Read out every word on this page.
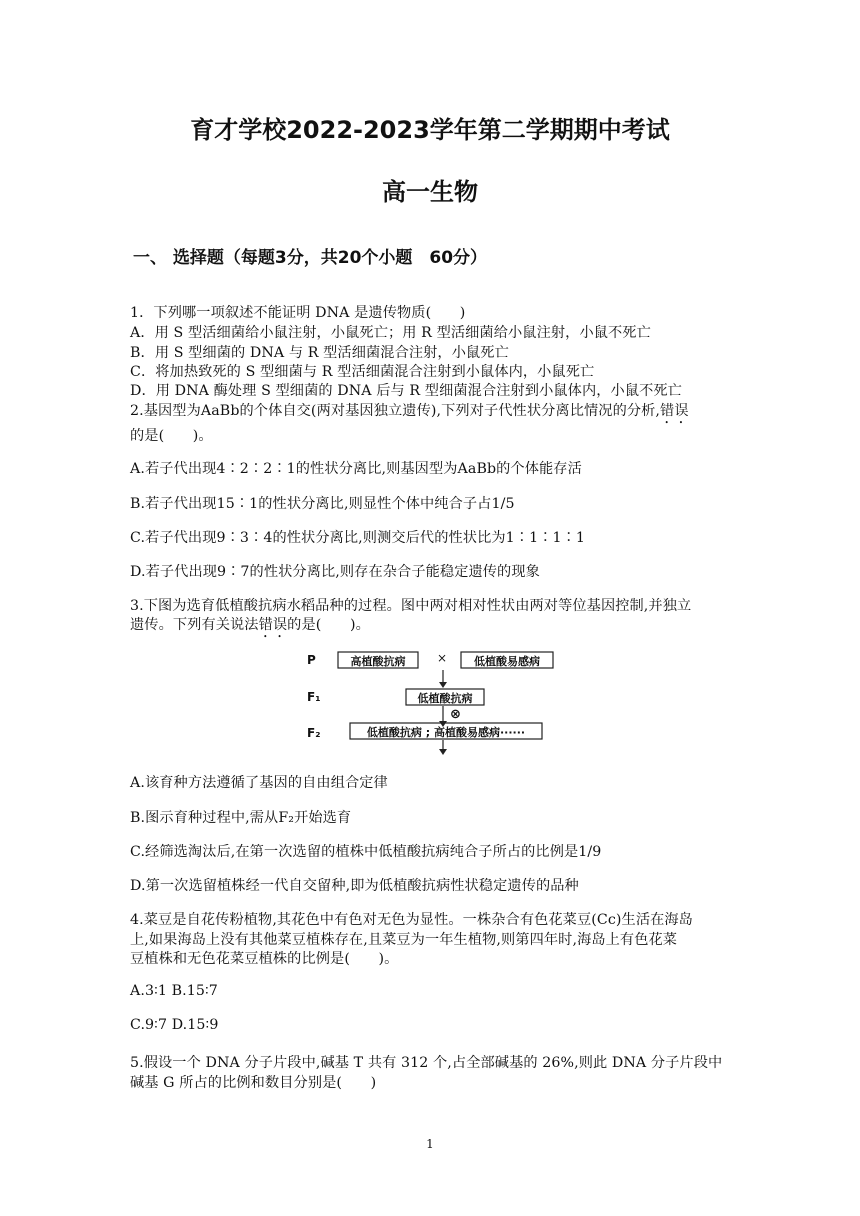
育才学校2022-2023学年第二学期期中考试
高一生物
一、 选择题（每题3分，共20个小题　60分）
1．下列哪一项叙述不能证明 DNA 是遗传物质(　　)
A．用 S 型活细菌给小鼠注射，小鼠死亡；用 R 型活细菌给小鼠注射，小鼠不死亡
B．用 S 型细菌的 DNA 与 R 型活细菌混合注射，小鼠死亡
C．将加热致死的 S 型细菌与 R 型活细菌混合注射到小鼠体内，小鼠死亡
D．用 DNA 酶处理 S 型细菌的 DNA 后与 R 型细菌混合注射到小鼠体内，小鼠不死亡
2.基因型为AaBb的个体自交(两对基因独立遗传),下列对子代性状分离比情况的分析,错误
的是(　　)。
A.若子代出现4∶2∶2∶1的性状分离比,则基因型为AaBb的个体能存活
B.若子代出现15∶1的性状分离比,则显性个体中纯合子占1/5
C.若子代出现9∶3∶4的性状分离比,则测交后代的性状比为1∶1∶1∶1
D.若子代出现9∶7的性状分离比,则存在杂合子能稳定遗传的现象
3.下图为选育低植酸抗病水稻品种的过程。图中两对相对性状由两对等位基因控制,并独立
遗传。下列有关说法错误的是(　　)。
P
F₁
F₂
高植酸抗病	×	低植酸易感病
低植酸抗病
⊗
低植酸抗病 ; 高植酸易感病······
A.该育种方法遵循了基因的自由组合定律
B.图示育种过程中,需从F₂开始选育
C.经筛选淘汰后,在第一次选留的植株中低植酸抗病纯合子所占的比例是1/9
D.第一次选留植株经一代自交留种,即为低植酸抗病性状稳定遗传的品种
4.菜豆是自花传粉植物,其花色中有色对无色为显性。一株杂合有色花菜豆(Cc)生活在海岛
上,如果海岛上没有其他菜豆植株存在,且菜豆为一年生植物,则第四年时,海岛上有色花菜
豆植株和无色花菜豆植株的比例是(　　)。
A.3∶1 B.15∶7
C.9∶7 D.15∶9
5.假设一个 DNA 分子片段中,碱基 T 共有 312 个,占全部碱基的 26%,则此 DNA 分子片段中
碱基 G 所占的比例和数目分别是(　　)
1
